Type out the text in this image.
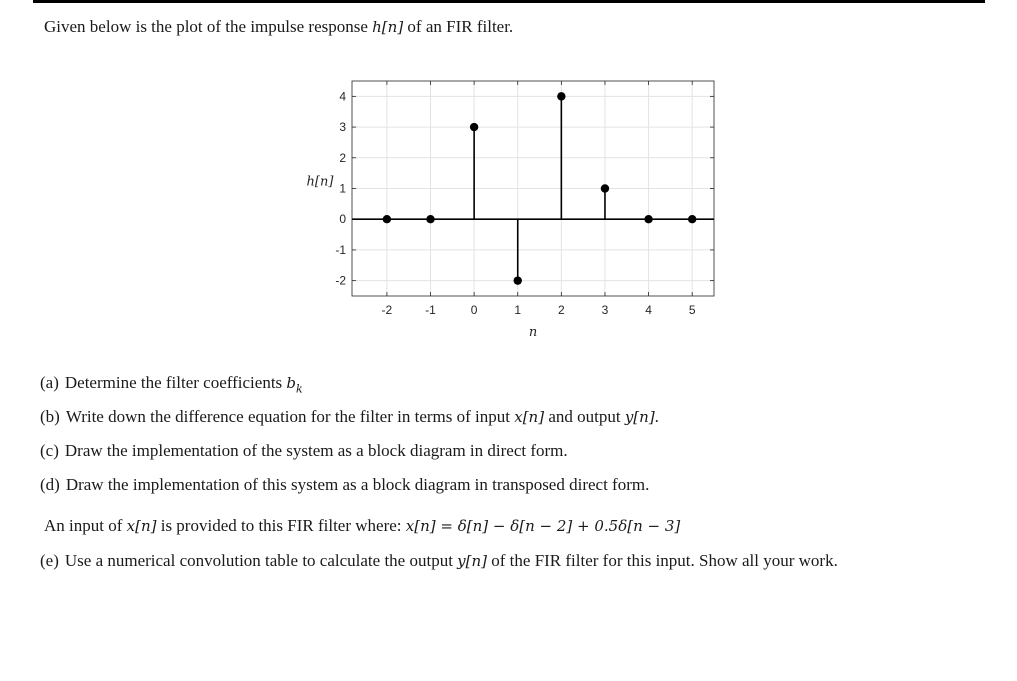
Given below is the plot of the impulse response h[n] of an FIR filter.
-2	-1	0	1	2	3	4	5
-2
-1
0
1
2
3
4
n
h[n]
(a) Determine the filter coefficients $b_k$
(b) Write down the difference equation for the filter in terms of input x[n] and output y[n].
(c) Draw the implementation of the system as a block diagram in direct form.
(d) Draw the implementation of this system as a block diagram in transposed direct form.
An input of x[n] is provided to this FIR filter where: x[n] = δ[n] − δ[n − 2] + 0.5δ[n − 3]
(e) Use a numerical convolution table to calculate the output y[n] of the FIR filter for this input. Show all your work.
